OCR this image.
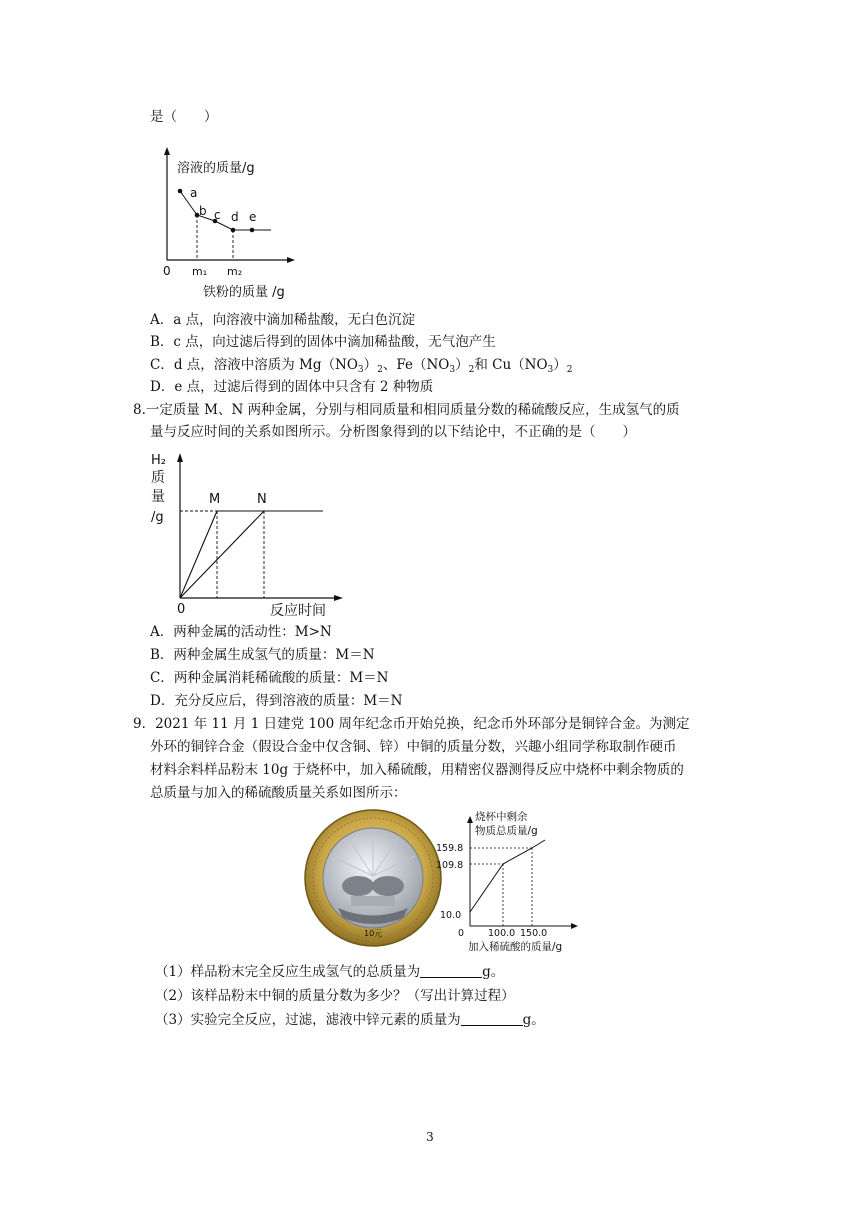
是（　　）
溶液的质量/g
a
b c d e
0 m₁ m₂
铁粉的质量 /g
A．a 点，向溶液中滴加稀盐酸，无白色沉淀
B．c 点，向过滤后得到的固体中滴加稀盐酸，无气泡产生
C．d 点，溶液中溶质为 $Mg(NO_3)_2$、$Fe(NO_3)_2$和 $Cu(NO_3)_2$
D．e 点，过滤后得到的固体中只含有 2 种物质
8.一定质量 M、N 两种金属，分别与相同质量和相同质量分数的稀硫酸反应，生成氢气的质
量与反应时间的关系如图所示。分析图象得到的以下结论中，不正确的是（　　）
H₂
质
量
/g
M	N
0	反应时间
A．两种金属的活动性：M>N
B．两种金属生成氢气的质量：M＝N
C．两种金属消耗稀硫酸的质量：M＝N
D．充分反应后，得到溶液的质量：M＝N
9．2021 年 11 月 1 日建党 100 周年纪念币开始兑换，纪念币外环部分是铜锌合金。为测定
外环的铜锌合金（假设合金中仅含铜、锌）中铜的质量分数，兴趣小组同学称取制作硬币
材料余料样品粉末 10g 于烧杯中，加入稀硫酸，用精密仪器测得反应中烧杯中剩余物质的
总质量与加入的稀硫酸质量关系如图所示：
10元
烧杯中剩余
物质总质量/g
159.8
109.8
10.0
0	100.0 150.0
加入稀硫酸的质量/g
（1）样品粉末完全反应生成氢气的总质量为	g。
（2）该样品粉末中铜的质量分数为多少？（写出计算过程）
（3）实验完全反应，过滤，滤液中锌元素的质量为	g。
3
